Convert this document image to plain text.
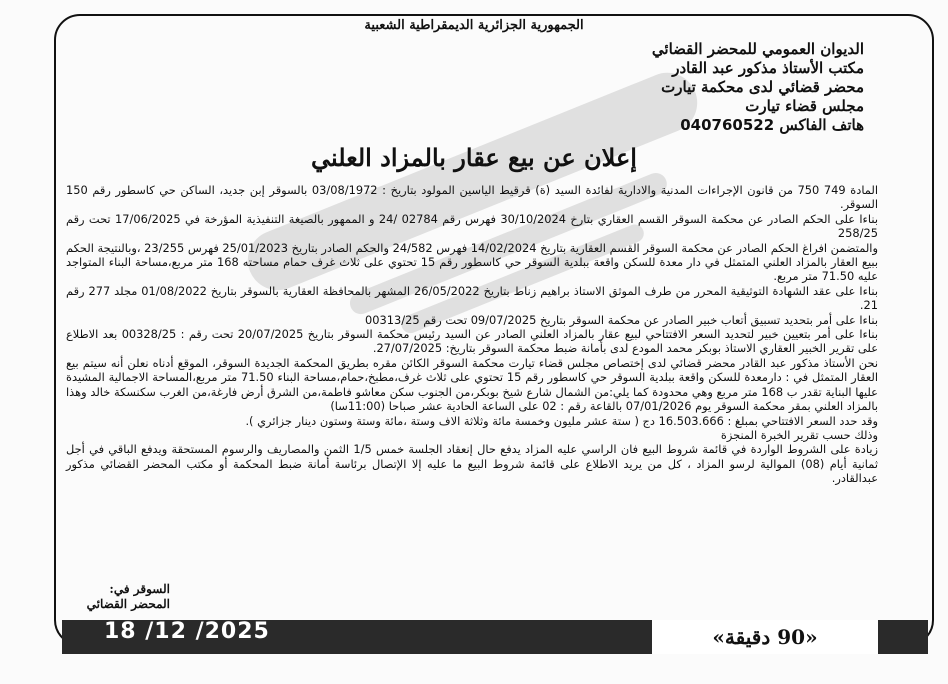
الجمهورية الجزائرية الديمقراطية الشعبية
الديوان العمومي للمحضر القضائي
مكتب الأستاذ مذكور عبد القادر
محضر قضائي لدى محكمة تيارت
مجلس قضاء تيارت
هاتف الفاكس 040760522
إعلان عن بيع عقار بالمزاد العلني

المادة 749 750 من قانون الإجراءات المدنية والادارية لفائدة السيد (ة) قرقيط الياسين المولود بتاريخ : 03/08/1972 بالسوقر إبن جديد، الساكن حي كاسطور رقم 150 السوقر.

بناءا على الحكم الصادر عن محكمة السوقر القسم العقاري بتارخ 30/10/2024 فهرس رقم 02784 /24 و الممهور بالصيغة التنفيذية المؤرخة في 17/06/2025 تحت رقم 258/25

والمتضمن افراغ الحكم الصادر عن محكمة السوقر القسم العقارية بتاريخ 14/02/2024 فهرس 24/582 والحكم الصادر بتاريخ 25/01/2023 فهرس 23/255 ،وبالنتيجة الحكم ببيع العقار بالمزاد العلني المتمثل في دار معدة للسكن واقعة ببلدية السوقر حي كاسطور رقم 15 تحتوي على ثلاث غرف حمام مساحته 168 متر مربع،مساحة البناء المتواجد عليه 71.50 متر مربع.

بناءا على عقد الشهادة التوثيقية المحرر من طرف الموثق الاستاذ براهيم زناط بتاريخ 26/05/2022 المشهر بالمحافظة العقارية بالسوقر بتاريخ 01/08/2022 مجلد 277 رقم 21.

بناءا على أمر بتحديد تسبيق أتعاب خبير الصادر عن محكمة السوقر بتاريخ 09/07/2025 تحت رقم 00313/25

بناءا على أمر بتعيين خبير لتحديد السعر الافتتاحي لبيع عقار بالمزاد العلني الصادر عن السيد رئيس محكمة السوقر بتاريخ 20/07/2025 تحت رقم : 00328/25 بعد الاطلاع على تقرير الخبير العقاري الاستاذ بوبكر محمد المودع لدى بأمانة ضبط محكمة السوقر بتاريخ: 27/07/2025.

نحن الأستاذ مذكور عبد القادر محضر قضائي لدى إختصاص مجلس قضاء تيارت محكمة السوقر الكائن مقره بطريق المحكمة الجديدة السوقر، الموقع أدناه نعلن أنه سيتم بيع العقار المتمثل في : دارمعدة للسكن واقعة ببلدية السوقر حي كاسطور رقم 15 تحتوي على ثلاث غرف،مطبخ،حمام،مساحة البناء 71.50 متر مربع،المساحة الاجمالية المشيدة عليها البناية تقدر ب 168 متر مربع وهي محدودة كما يلي:من الشمال شارع شيخ بوبكر،من الجنوب سكن معاشو فاطمة،من الشرق أرض فارغة،من الغرب سكنسكة خالد وهذا بالمزاد العلني بمقر محكمة السوقر يوم 07/01/2026 بالقاعة رقم : 02 على الساعة الحادية عشر صباحا (11:00سا)

وقد حدد السعر الافتتاحي بمبلغ : 16.503.666 دج ( ستة عشر مليون وخمسة مائة وثلاثة الاف وستة ،مائة وستة وستون دينار جزائري ).

وذلك حسب تقرير الخبرة المنجزة

زيادة على الشروط الواردة في قائمة شروط البيع فان الراسي عليه المزاد يدفع حال إنعقاد الجلسة خمس 1/5 الثمن والمصاريف والرسوم المستحقة ويدفع الباقي في أجل ثمانية أيام (08) الموالية لرسو المزاد ، كل من يريد الاطلاع على قائمة شروط البيع ما عليه إلا الإتصال برئاسة أمانة ضبط المحكمة أو مكتب المحضر القضائي مذكور عبدالقادر.

السوقر في:
المحضر القضائي
18 /12 /2025	«90 دقيقة»
